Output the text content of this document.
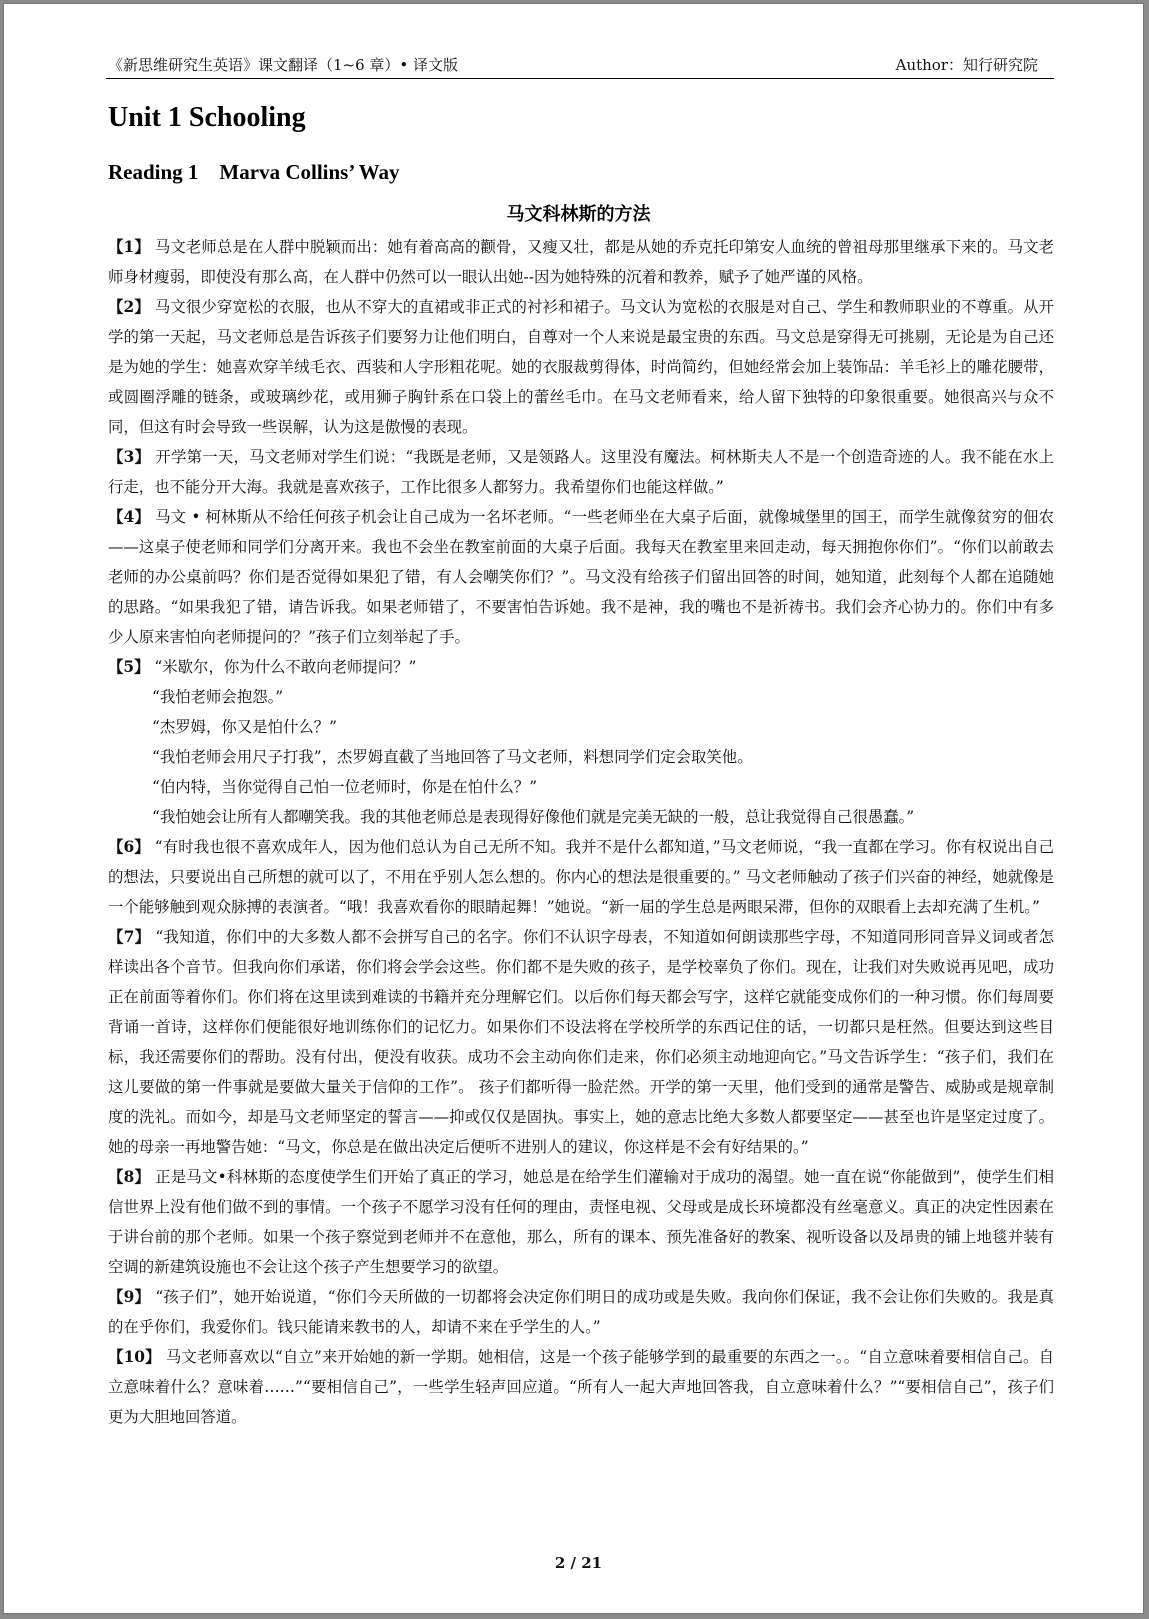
《新思维研究生英语》课文翻译（1~6 章）• 译文版	Author：知行研究院
Unit 1 Schooling
Reading 1    Marva Collins’ Way
马文科林斯的方法

【1】 马文老师总是在人群中脱颖而出：她有着高高的颧骨，又瘦又壮，都是从她的乔克托印第安人血统的曾祖母那里继承下来的。马文老师身材瘦弱，即使没有那么高，在人群中仍然可以一眼认出她--因为她特殊的沉着和教养，赋予了她严谨的风格。

【2】 马文很少穿宽松的衣服，也从不穿大的直裙或非正式的衬衫和裙子。马文认为宽松的衣服是对自己、学生和教师职业的不尊重。从开学的第一天起，马文老师总是告诉孩子们要努力让他们明白，自尊对一个人来说是最宝贵的东西。马文总是穿得无可挑剔，无论是为自己还是为她的学生：她喜欢穿羊绒毛衣、西装和人字形粗花呢。她的衣服裁剪得体，时尚简约，但她经常会加上装饰品：羊毛衫上的雕花腰带，或圆圈浮雕的链条，或玻璃纱花，或用狮子胸针系在口袋上的蕾丝毛巾。在马文老师看来，给人留下独特的印象很重要。她很高兴与众不同，但这有时会导致一些误解，认为这是傲慢的表现。

【3】 开学第一天，马文老师对学生们说：“我既是老师，又是领路人。这里没有魔法。柯林斯夫人不是一个创造奇迹的人。我不能在水上行走，也不能分开大海。我就是喜欢孩子，工作比很多人都努力。我希望你们也能这样做。”

【4】 马文 • 柯林斯从不给任何孩子机会让自己成为一名坏老师。“一些老师坐在大桌子后面，就像城堡里的国王，而学生就像贫穷的佃农——这桌子使老师和同学们分离开来。我也不会坐在教室前面的大桌子后面。我每天在教室里来回走动，每天拥抱你你们”。“你们以前敢去老师的办公桌前吗？你们是否觉得如果犯了错，有人会嘲笑你们？”。马文没有给孩子们留出回答的时间，她知道，此刻每个人都在追随她的思路。“如果我犯了错，请告诉我。如果老师错了，不要害怕告诉她。我不是神，我的嘴也不是祈祷书。我们会齐心协力的。你们中有多少人原来害怕向老师提问的？”孩子们立刻举起了手。

【5】 “米歇尔，你为什么不敢向老师提问？”

“我怕老师会抱怨。”

“杰罗姆，你又是怕什么？”

“我怕老师会用尺子打我”，杰罗姆直截了当地回答了马文老师，料想同学们定会取笑他。

“伯内特，当你觉得自己怕一位老师时，你是在怕什么？”

“我怕她会让所有人都嘲笑我。我的其他老师总是表现得好像他们就是完美无缺的一般，总让我觉得自己很愚蠢。”

【6】 “有时我也很不喜欢成年人，因为他们总认为自己无所不知。我并不是什么都知道，”马文老师说，“我一直都在学习。你有权说出自己的想法，只要说出自己所想的就可以了，不用在乎别人怎么想的。你内心的想法是很重要的。” 马文老师触动了孩子们兴奋的神经，她就像是一个能够触到观众脉搏的表演者。“哦！我喜欢看你的眼睛起舞！”她说。“新一届的学生总是两眼呆滞，但你的双眼看上去却充满了生机。”

【7】 “我知道，你们中的大多数人都不会拼写自己的名字。你们不认识字母表，不知道如何朗读那些字母，不知道同形同音异义词或者怎样读出各个音节。但我向你们承诺，你们将会学会这些。你们都不是失败的孩子，是学校辜负了你们。现在，让我们对失败说再见吧，成功正在前面等着你们。你们将在这里读到难读的书籍并充分理解它们。以后你们每天都会写字，这样它就能变成你们的一种习惯。你们每周要背诵一首诗，这样你们便能很好地训练你们的记忆力。如果你们不设法将在学校所学的东西记住的话，一切都只是枉然。但要达到这些目标，我还需要你们的帮助。没有付出，便没有收获。成功不会主动向你们走来，你们必须主动地迎向它。”马文告诉学生：“孩子们，我们在这儿要做的第一件事就是要做大量关于信仰的工作”。 孩子们都听得一脸茫然。开学的第一天里，他们受到的通常是警告、威胁或是规章制度的洗礼。而如今，却是马文老师坚定的誓言——抑或仅仅是固执。事实上，她的意志比绝大多数人都要坚定——甚至也许是坚定过度了。她的母亲一再地警告她：“马文，你总是在做出决定后便听不进别人的建议，你这样是不会有好结果的。”

【8】 正是马文•科林斯的态度使学生们开始了真正的学习，她总是在给学生们灌输对于成功的渴望。她一直在说“你能做到”，使学生们相信世界上没有他们做不到的事情。一个孩子不愿学习没有任何的理由，责怪电视、父母或是成长环境都没有丝毫意义。真正的决定性因素在于讲台前的那个老师。如果一个孩子察觉到老师并不在意他，那么，所有的课本、预先准备好的教案、视听设备以及昂贵的铺上地毯并装有空调的新建筑设施也不会让这个孩子产生想要学习的欲望。

【9】 “孩子们”，她开始说道，“你们今天所做的一切都将会决定你们明日的成功或是失败。我向你们保证，我不会让你们失败的。我是真的在乎你们，我爱你们。钱只能请来教书的人，却请不来在乎学生的人。”

【10】 马文老师喜欢以“自立”来开始她的新一学期。她相信，这是一个孩子能够学到的最重要的东西之一。。“自立意味着要相信自己。自立意味着什么？意味着……”“要相信自己”，一些学生轻声回应道。“所有人一起大声地回答我，自立意味着什么？”“要相信自己”，孩子们更为大胆地回答道。

2 / 21
